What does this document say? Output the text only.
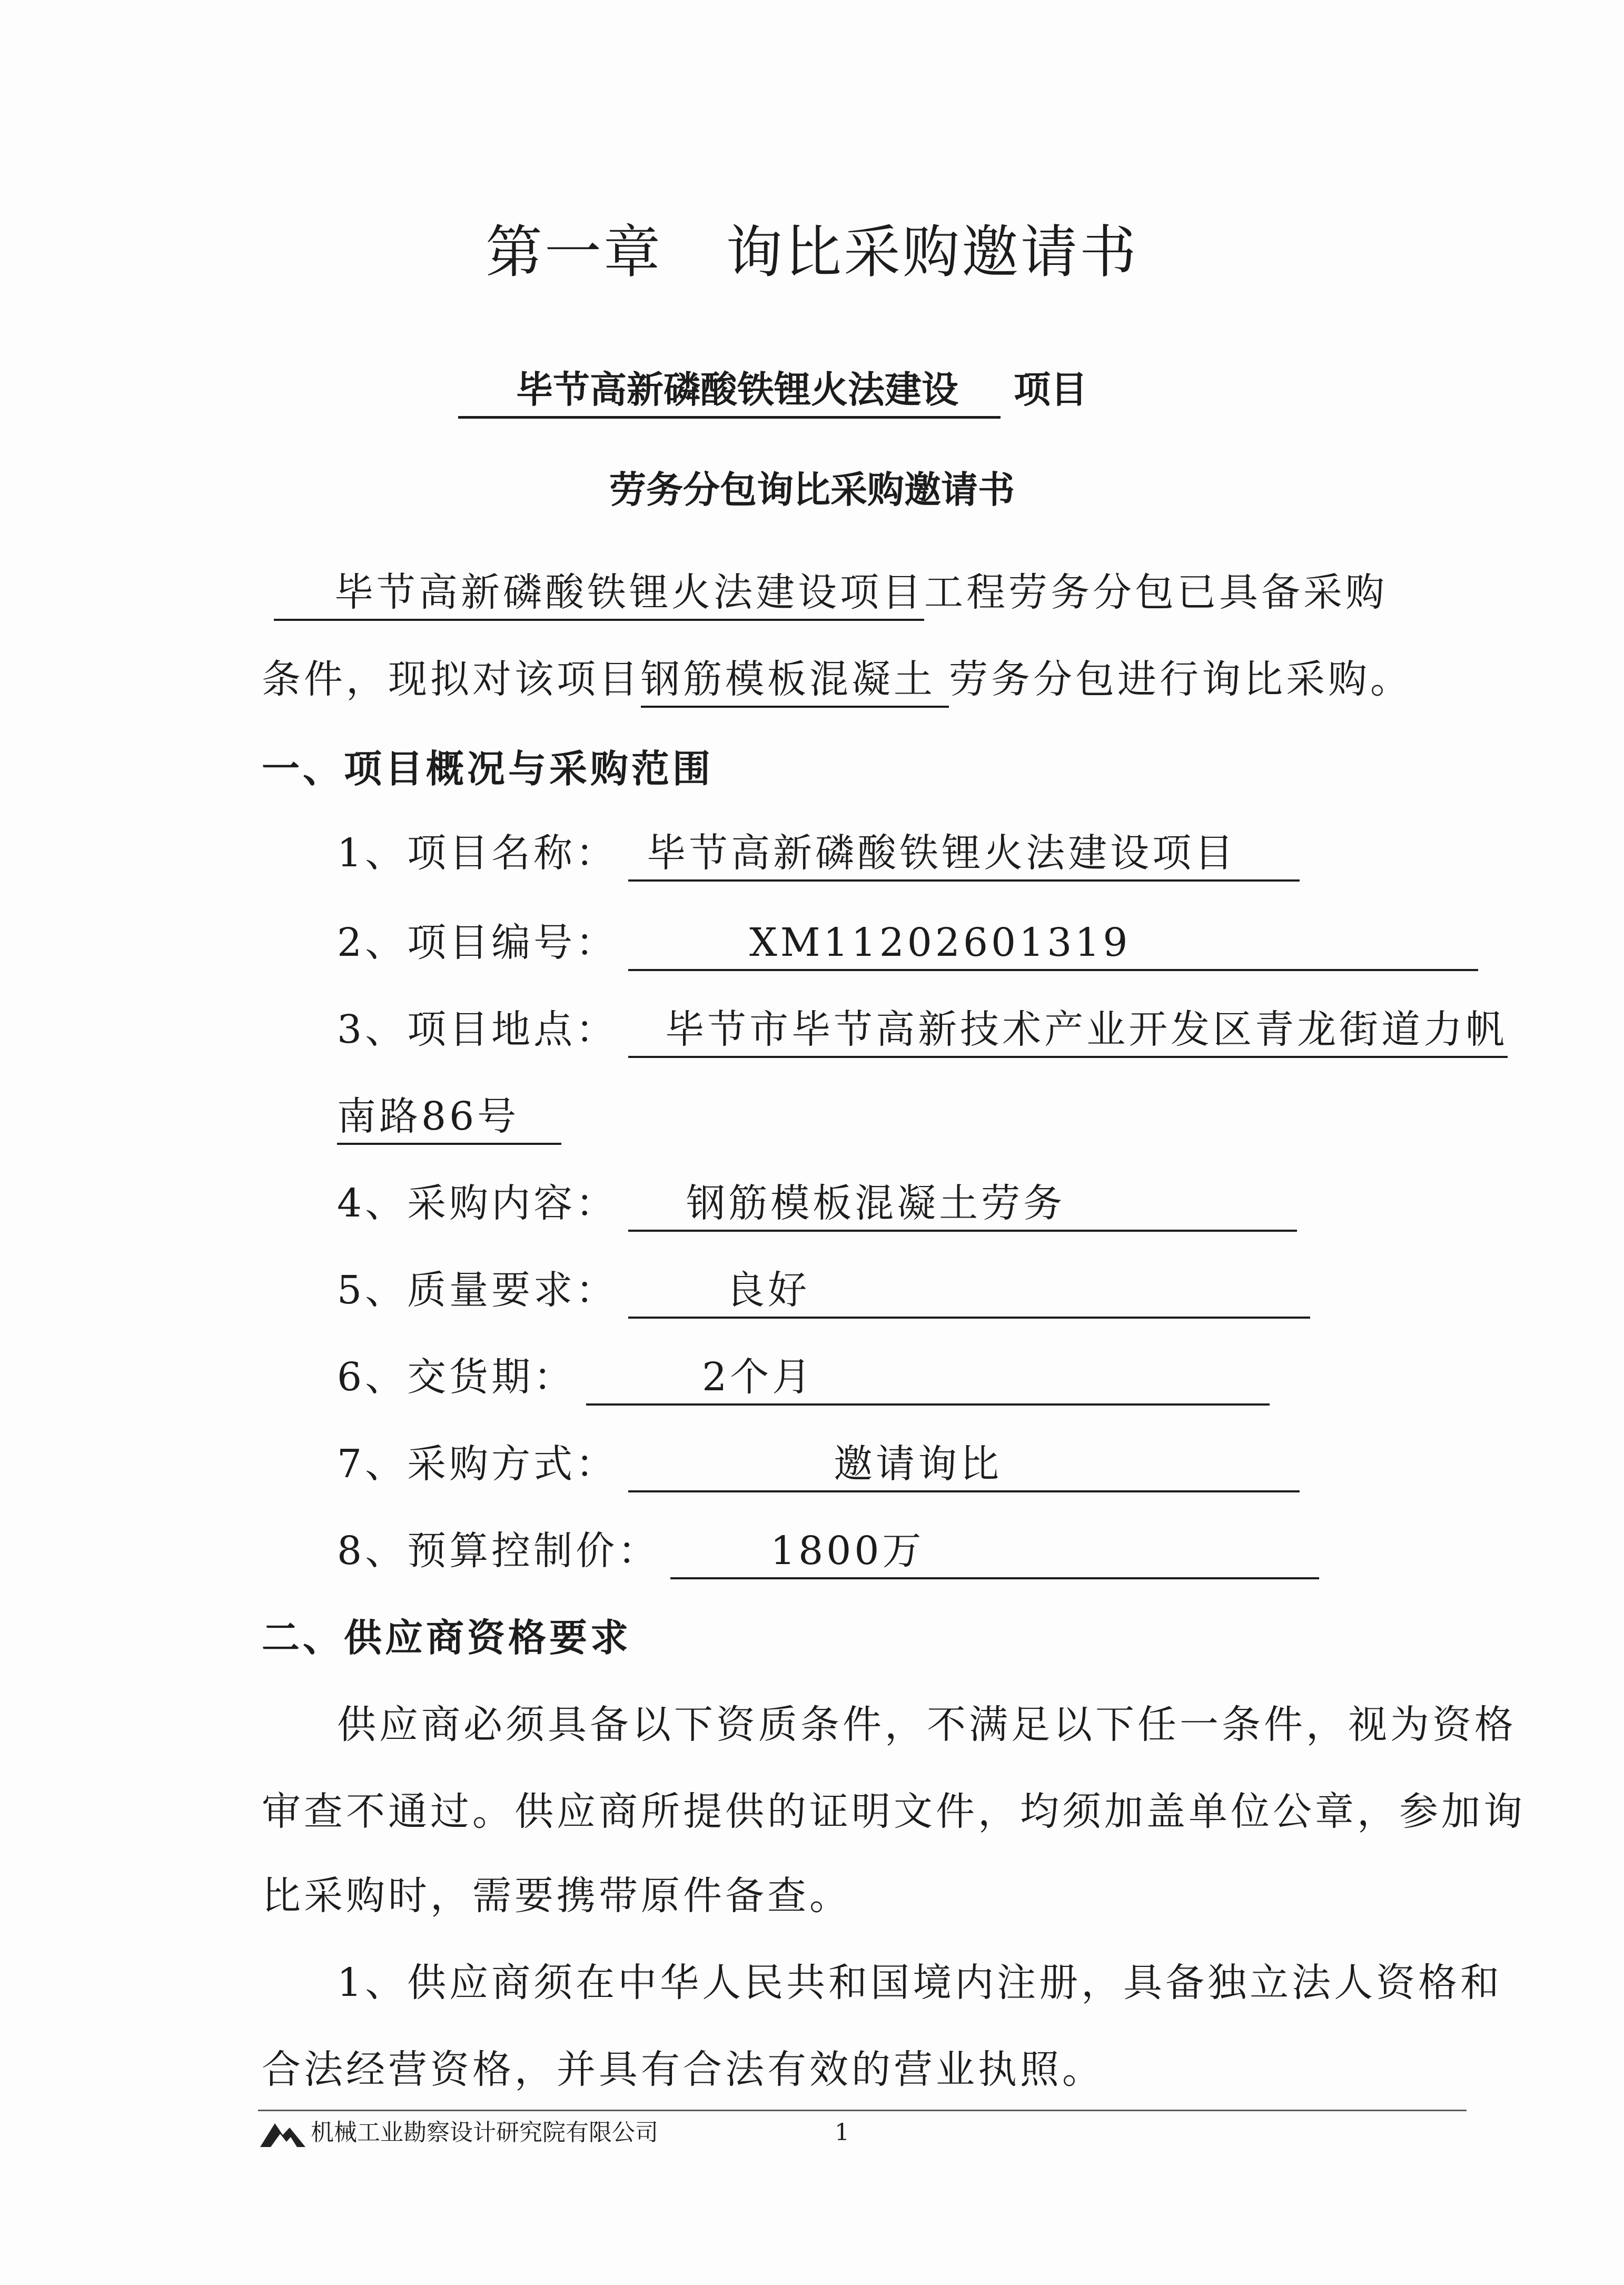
第一章 询比采购邀请书
毕节高新磷酸铁锂火法建设 项目
劳务分包询比采购邀请书
毕节高新磷酸铁锂火法建设项目工程劳务分包已具备采购
条件，现拟对该项目钢筋模板混凝土 劳务分包进行询比采购。
一、项目概况与采购范围
1、项目名称： 毕节高新磷酸铁锂火法建设项目
2、项目编号：	XM11202601319
3、项目地点： 毕节市毕节高新技术产业开发区青龙街道力帆
南路86号
4、采购内容： 钢筋模板混凝土劳务
5、质量要求：	良好
6、交货期：	2个月
7、采购方式：	邀请询比
8、预算控制价：	1800万
二、供应商资格要求
供应商必须具备以下资质条件，不满足以下任一条件，视为资格
审查不通过。供应商所提供的证明文件，均须加盖单位公章，参加询
比采购时，需要携带原件备查。
1、供应商须在中华人民共和国境内注册，具备独立法人资格和
合法经营资格，并具有合法有效的营业执照。
机械工业勘察设计研究院有限公司	1
